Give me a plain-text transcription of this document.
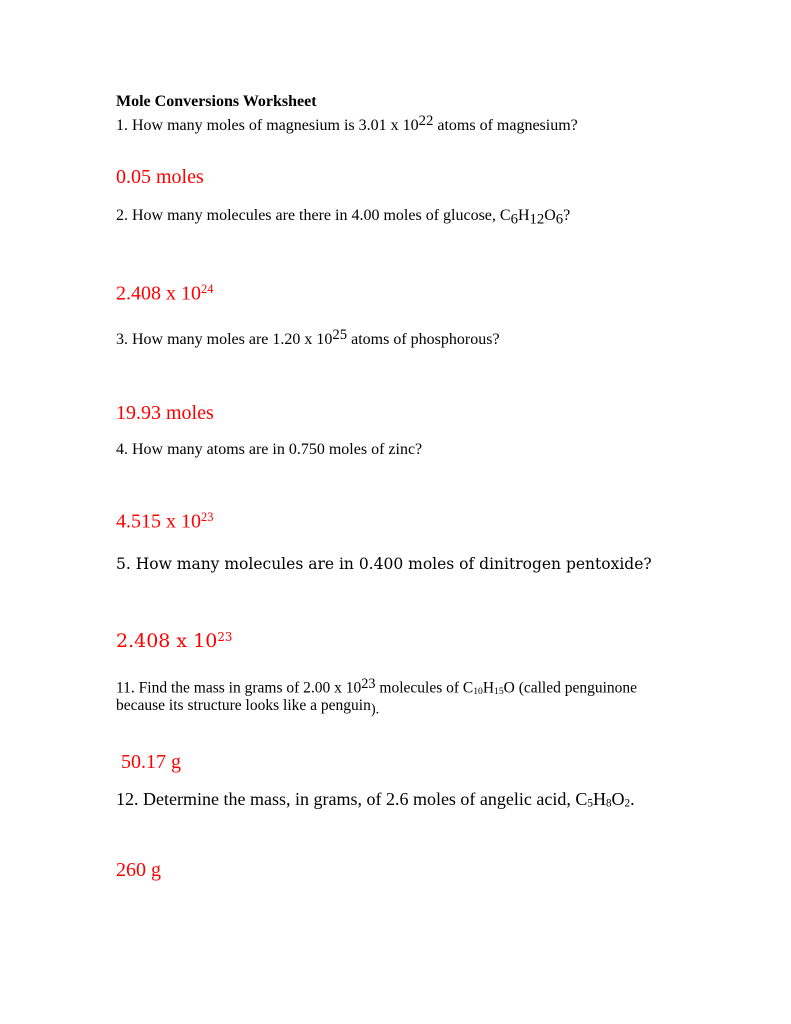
Mole Conversions Worksheet
1. How many moles of magnesium is 3.01 x 1022 atoms of magnesium?
0.05 moles
2. How many molecules are there in 4.00 moles of glucose, C6H12O6?
2.408 x $10^{24}$
3. How many moles are 1.20 x 1025 atoms of phosphorous?
19.93 moles
4. How many atoms are in 0.750 moles of zinc?
4.515 x $10^{23}$
5. How many molecules are in 0.400 moles of dinitrogen pentoxide?
2.408 x $10^{23}$
11. Find the mass in grams of 2.00 x 1023 molecules of C10H15O (called penguinone
because its structure looks like a penguin).
50.17 g
12. Determine the mass, in grams, of 2.6 moles of angelic acid, C5H8O2.
260 g
